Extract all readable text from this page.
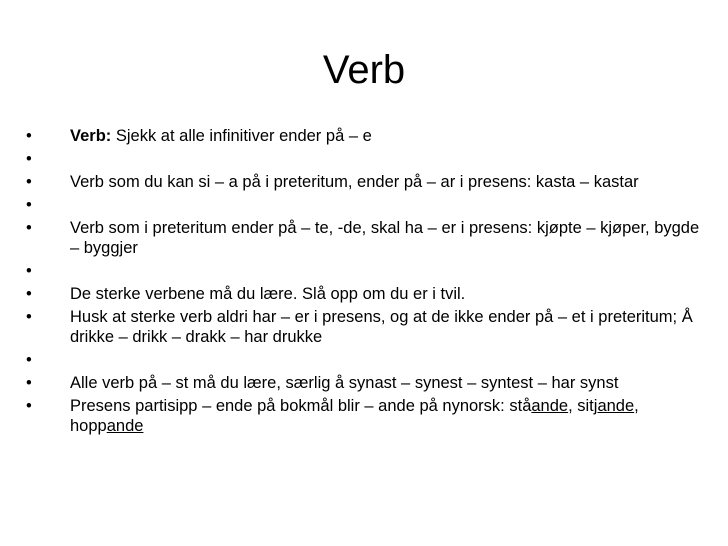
Verb
•	Verb: Sjekk at alle infinitiver ender på – e
•
•	Verb som du kan si – a på i preteritum, ender på – ar i presens: kasta – kastar
•
•	Verb som i preteritum ender på – te, -de, skal ha – er i presens: kjøpte – kjøper, bygde – byggjer
•
•	De sterke verbene må du lære. Slå opp om du er i tvil.
•	Husk at sterke verb aldri har – er i presens, og at de ikke ender på – et i preteritum; Å drikke – drikk – drakk – har drukke
•
•	Alle verb på – st må du lære, særlig å synast – synest – syntest – har synst
•	Presens partisipp – ende på bokmål blir – ande på nynorsk: ståande, sitjande, hoppande
